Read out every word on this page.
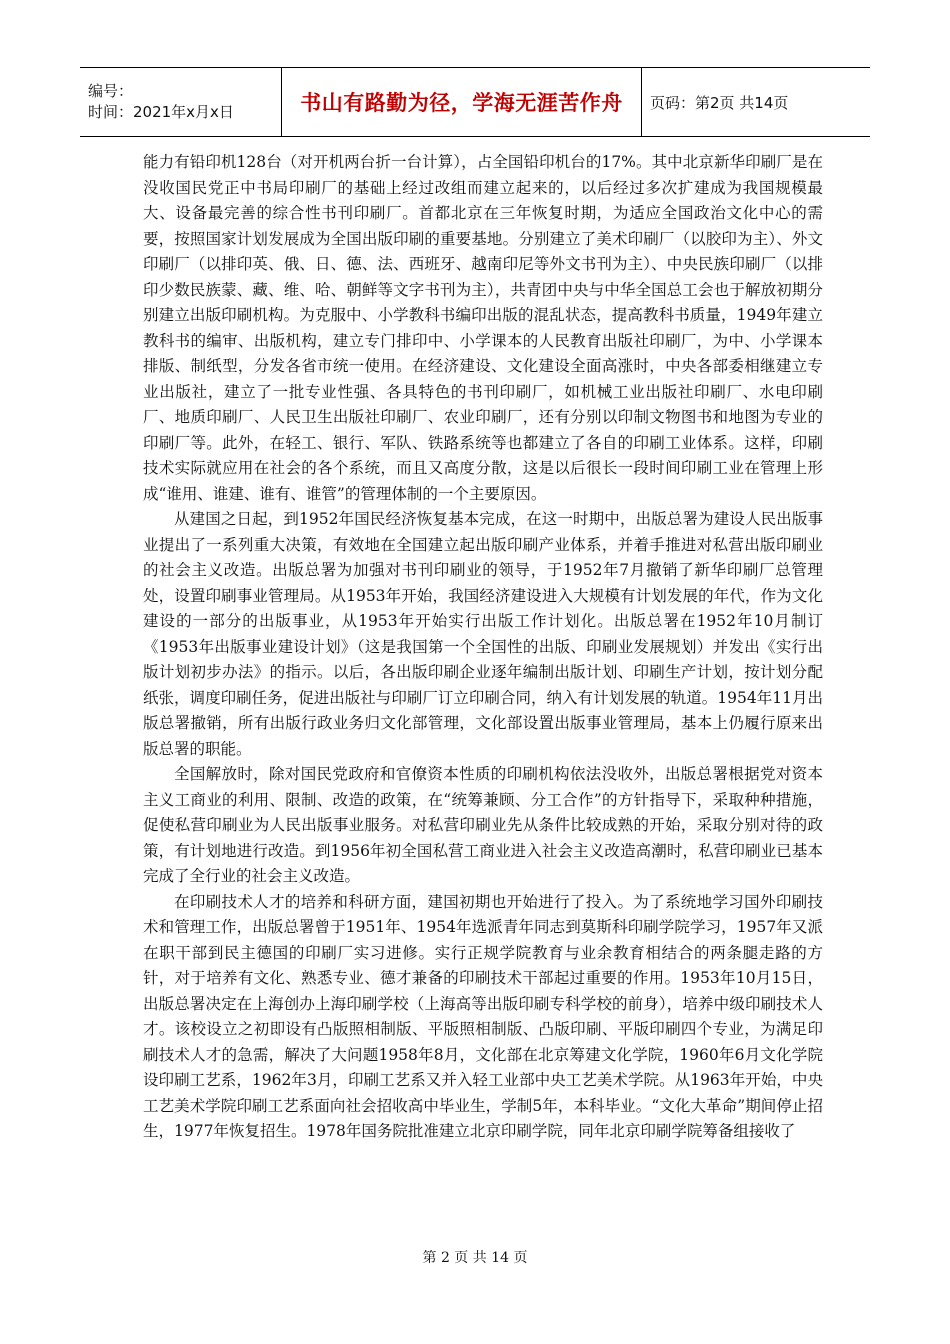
编号：
时间：2021年x月x日	书山有路勤为径，学海无涯苦作舟 页码：第2页 共14页

能力有铅印机128台（对开机两台折一台计算），占全国铅印机台的17%。其中北京新华印刷厂是在没收国民党正中书局印刷厂的基础上经过改组而建立起来的，以后经过多次扩建成为我国规模最大、设备最完善的综合性书刊印刷厂。首都北京在三年恢复时期，为适应全国政治文化中心的需要，按照国家计划发展成为全国出版印刷的重要基地。分别建立了美术印刷厂（以胶印为主）、外文印刷厂（以排印英、俄、日、德、法、西班牙、越南印尼等外文书刊为主）、中央民族印刷厂（以排印少数民族蒙、藏、维、哈、朝鲜等文字书刊为主），共青团中央与中华全国总工会也于解放初期分别建立出版印刷机构。为克服中、小学教科书编印出版的混乱状态，提高教科书质量，1949年建立教科书的编审、出版机构，建立专门排印中、小学课本的人民教育出版社印刷厂，为中、小学课本排版、制纸型，分发各省市统一使用。在经济建设、文化建设全面高涨时，中央各部委相继建立专业出版社，建立了一批专业性强、各具特色的书刊印刷厂，如机械工业出版社印刷厂、水电印刷厂、地质印刷厂、人民卫生出版社印刷厂、农业印刷厂，还有分别以印制文物图书和地图为专业的印刷厂等。此外，在轻工、银行、军队、铁路系统等也都建立了各自的印刷工业体系。这样，印刷技术实际就应用在社会的各个系统，而且又高度分散，这是以后很长一段时间印刷工业在管理上形成“谁用、谁建、谁有、谁管”的管理体制的一个主要原因。

从建国之日起，到1952年国民经济恢复基本完成，在这一时期中，出版总署为建设人民出版事业提出了一系列重大决策，有效地在全国建立起出版印刷产业体系，并着手推进对私营出版印刷业的社会主义改造。出版总署为加强对书刊印刷业的领导，于1952年7月撤销了新华印刷厂总管理处，设置印刷事业管理局。从1953年开始，我国经济建设进入大规模有计划发展的年代，作为文化建设的一部分的出版事业，从1953年开始实行出版工作计划化。出版总署在1952年10月制订《1953年出版事业建设计划》（这是我国第一个全国性的出版、印刷业发展规划）并发出《实行出版计划初步办法》的指示。以后，各出版印刷企业逐年编制出版计划、印刷生产计划，按计划分配纸张，调度印刷任务，促进出版社与印刷厂订立印刷合同，纳入有计划发展的轨道。1954年11月出版总署撤销，所有出版行政业务归文化部管理，文化部设置出版事业管理局，基本上仍履行原来出版总署的职能。

全国解放时，除对国民党政府和官僚资本性质的印刷机构依法没收外，出版总署根据党对资本主义工商业的利用、限制、改造的政策，在“统筹兼顾、分工合作”的方针指导下，采取种种措施，促使私营印刷业为人民出版事业服务。对私营印刷业先从条件比较成熟的开始，采取分别对待的政策，有计划地进行改造。到1956年初全国私营工商业进入社会主义改造高潮时，私营印刷业已基本完成了全行业的社会主义改造。

在印刷技术人才的培养和科研方面，建国初期也开始进行了投入。为了系统地学习国外印刷技术和管理工作，出版总署曾于1951年、1954年选派青年同志到莫斯科印刷学院学习，1957年又派在职干部到民主德国的印刷厂实习进修。实行正规学院教育与业余教育相结合的两条腿走路的方针，对于培养有文化、熟悉专业、德才兼备的印刷技术干部起过重要的作用。1953年10月15日，出版总署决定在上海创办上海印刷学校（上海高等出版印刷专科学校的前身），培养中级印刷技术人才。该校设立之初即设有凸版照相制版、平版照相制版、凸版印刷、平版印刷四个专业，为满足印刷技术人才的急需，解决了大问题1958年8月，文化部在北京筹建文化学院，1960年6月文化学院设印刷工艺系，1962年3月，印刷工艺系又并入轻工业部中央工艺美术学院。从1963年开始，中央工艺美术学院印刷工艺系面向社会招收高中毕业生，学制5年，本科毕业。“文化大革命”期间停止招生，1977年恢复招生。1978年国务院批准建立北京印刷学院，同年北京印刷学院筹备组接收了

第 2 页 共 14 页
